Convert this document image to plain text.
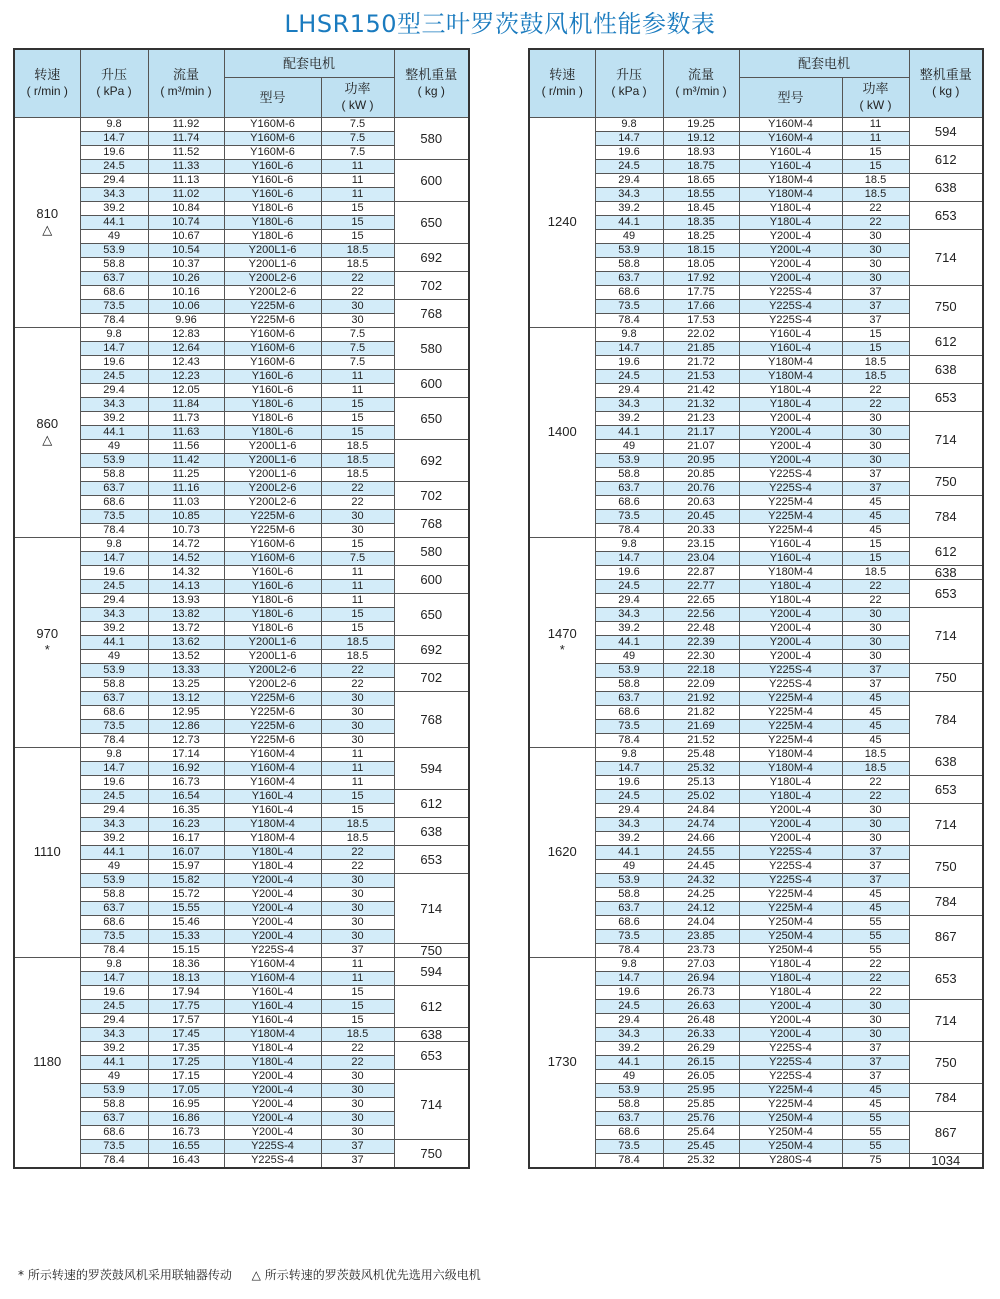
LHSR150型三叶罗茨鼓风机性能参数表
转速
( r/min )	升压
( kPa )	流量
( m³/min )	配套电机		整机重量
( kg )

			型号	功率
( kW )	

810
△	9.8	11.92	Y160M-6	7.5	580
	14.7	11.74	Y160M-6	7.5	
	19.6	11.52	Y160M-6	7.5	
	24.5	11.33	Y160L-6	11	600
	29.4	11.13	Y160L-6	11	
	34.3	11.02	Y160L-6	11	
	39.2	10.84	Y180L-6	15	650
	44.1	10.74	Y180L-6	15	
	49	10.67	Y180L-6	15	
	53.9	10.54	Y200L1-6	18.5	692
	58.8	10.37	Y200L1-6	18.5	
	63.7	10.26	Y200L2-6	22	702
	68.6	10.16	Y200L2-6	22	
	73.5	10.06	Y225M-6	30	768
	78.4	9.96	Y225M-6	30	

860
△	9.8	12.83	Y160M-6	7.5	580
	14.7	12.64	Y160M-6	7.5	
	19.6	12.43	Y160M-6	7.5	
	24.5	12.23	Y160L-6	11	600
	29.4	12.05	Y160L-6	11	
	34.3	11.84	Y180L-6	15	650
	39.2	11.73	Y180L-6	15	
	44.1	11.63	Y180L-6	15	
	49	11.56	Y200L1-6	18.5	692
	53.9	11.42	Y200L1-6	18.5	
	58.8	11.25	Y200L1-6	18.5	
	63.7	11.16	Y200L2-6	22	702
	68.6	11.03	Y200L2-6	22	
	73.5	10.85	Y225M-6	30	768
	78.4	10.73	Y225M-6	30	

970
*	9.8	14.72	Y160M-6	15	580
	14.7	14.52	Y160M-6	7.5	
	19.6	14.32	Y160L-6	11	600
	24.5	14.13	Y160L-6	11	
	29.4	13.93	Y180L-6	11	650
	34.3	13.82	Y180L-6	15	
	39.2	13.72	Y180L-6	15	
	44.1	13.62	Y200L1-6	18.5	692
	49	13.52	Y200L1-6	18.5	
	53.9	13.33	Y200L2-6	22	702
	58.8	13.25	Y200L2-6	22	
	63.7	13.12	Y225M-6	30	768
	68.6	12.95	Y225M-6	30	
	73.5	12.86	Y225M-6	30	
	78.4	12.73	Y225M-6	30	

1110	9.8	17.14	Y160M-4	11	594
	14.7	16.92	Y160M-4	11	
	19.6	16.73	Y160M-4	11	
	24.5	16.54	Y160L-4	15	612
	29.4	16.35	Y160L-4	15	
	34.3	16.23	Y180M-4	18.5	638
	39.2	16.17	Y180M-4	18.5	
	44.1	16.07	Y180L-4	22	653
	49	15.97	Y180L-4	22	
	53.9	15.82	Y200L-4	30	714
	58.8	15.72	Y200L-4	30	
	63.7	15.55	Y200L-4	30	
	68.6	15.46	Y200L-4	30	
	73.5	15.33	Y200L-4	30	
	78.4	15.15	Y225S-4	37	750

1180	9.8	18.36	Y160M-4	11	594
	14.7	18.13	Y160M-4	11	
	19.6	17.94	Y160L-4	15	612
	24.5	17.75	Y160L-4	15	
	29.4	17.57	Y160L-4	15	
	34.3	17.45	Y180M-4	18.5	638
	39.2	17.35	Y180L-4	22	653
	44.1	17.25	Y180L-4	22	
	49	17.15	Y200L-4	30	714
	53.9	17.05	Y200L-4	30	
	58.8	16.95	Y200L-4	30	
	63.7	16.86	Y200L-4	30	
	68.6	16.73	Y200L-4	30	
	73.5	16.55	Y225S-4	37	750
	78.4	16.43	Y225S-4	37	
转速
( r/min )	升压
( kPa )	流量
( m³/min )	配套电机		整机重量
( kg )

			型号	功率
( kW )	

1240	9.8	19.25	Y160M-4	11	594
	14.7	19.12	Y160M-4	11	
	19.6	18.93	Y160L-4	15	612
	24.5	18.75	Y160L-4	15	
	29.4	18.65	Y180M-4	18.5	638
	34.3	18.55	Y180M-4	18.5	
	39.2	18.45	Y180L-4	22	653
	44.1	18.35	Y180L-4	22	
	49	18.25	Y200L-4	30	714
	53.9	18.15	Y200L-4	30	
	58.8	18.05	Y200L-4	30	
	63.7	17.92	Y200L-4	30	
	68.6	17.75	Y225S-4	37	750
	73.5	17.66	Y225S-4	37	
	78.4	17.53	Y225S-4	37	

1400	9.8	22.02	Y160L-4	15	612
	14.7	21.85	Y160L-4	15	
	19.6	21.72	Y180M-4	18.5	638
	24.5	21.53	Y180M-4	18.5	
	29.4	21.42	Y180L-4	22	653
	34.3	21.32	Y180L-4	22	
	39.2	21.23	Y200L-4	30	714
	44.1	21.17	Y200L-4	30	
	49	21.07	Y200L-4	30	
	53.9	20.95	Y200L-4	30	
	58.8	20.85	Y225S-4	37	750
	63.7	20.76	Y225S-4	37	
	68.6	20.63	Y225M-4	45	784
	73.5	20.45	Y225M-4	45	
	78.4	20.33	Y225M-4	45	

1470
*	9.8	23.15	Y160L-4	15	612
	14.7	23.04	Y160L-4	15	
	19.6	22.87	Y180M-4	18.5	638
	24.5	22.77	Y180L-4	22	653
	29.4	22.65	Y180L-4	22	
	34.3	22.56	Y200L-4	30	714
	39.2	22.48	Y200L-4	30	
	44.1	22.39	Y200L-4	30	
	49	22.30	Y200L-4	30	
	53.9	22.18	Y225S-4	37	750
	58.8	22.09	Y225S-4	37	
	63.7	21.92	Y225M-4	45	784
	68.6	21.82	Y225M-4	45	
	73.5	21.69	Y225M-4	45	
	78.4	21.52	Y225M-4	45	

1620	9.8	25.48	Y180M-4	18.5	638
	14.7	25.32	Y180M-4	18.5	
	19.6	25.13	Y180L-4	22	653
	24.5	25.02	Y180L-4	22	
	29.4	24.84	Y200L-4	30	714
	34.3	24.74	Y200L-4	30	
	39.2	24.66	Y200L-4	30	
	44.1	24.55	Y225S-4	37	750
	49	24.45	Y225S-4	37	
	53.9	24.32	Y225S-4	37	
	58.8	24.25	Y225M-4	45	784
	63.7	24.12	Y225M-4	45	
	68.6	24.04	Y250M-4	55	867
	73.5	23.85	Y250M-4	55	
	78.4	23.73	Y250M-4	55	

1730	9.8	27.03	Y180L-4	22	653
	14.7	26.94	Y180L-4	22	
	19.6	26.73	Y180L-4	22	
	24.5	26.63	Y200L-4	30	714
	29.4	26.48	Y200L-4	30	
	34.3	26.33	Y200L-4	30	
	39.2	26.29	Y225S-4	37	750
	44.1	26.15	Y225S-4	37	
	49	26.05	Y225S-4	37	
	53.9	25.95	Y225M-4	45	784
	58.8	25.85	Y225M-4	45	
	63.7	25.76	Y250M-4	55	867
	68.6	25.64	Y250M-4	55	
	73.5	25.45	Y250M-4	55	
	78.4	25.32	Y280S-4	75	1034
* 所示转速的罗茨鼓风机采用联轴器传动 △ 所示转速的罗茨鼓风机优先选用六级电机
